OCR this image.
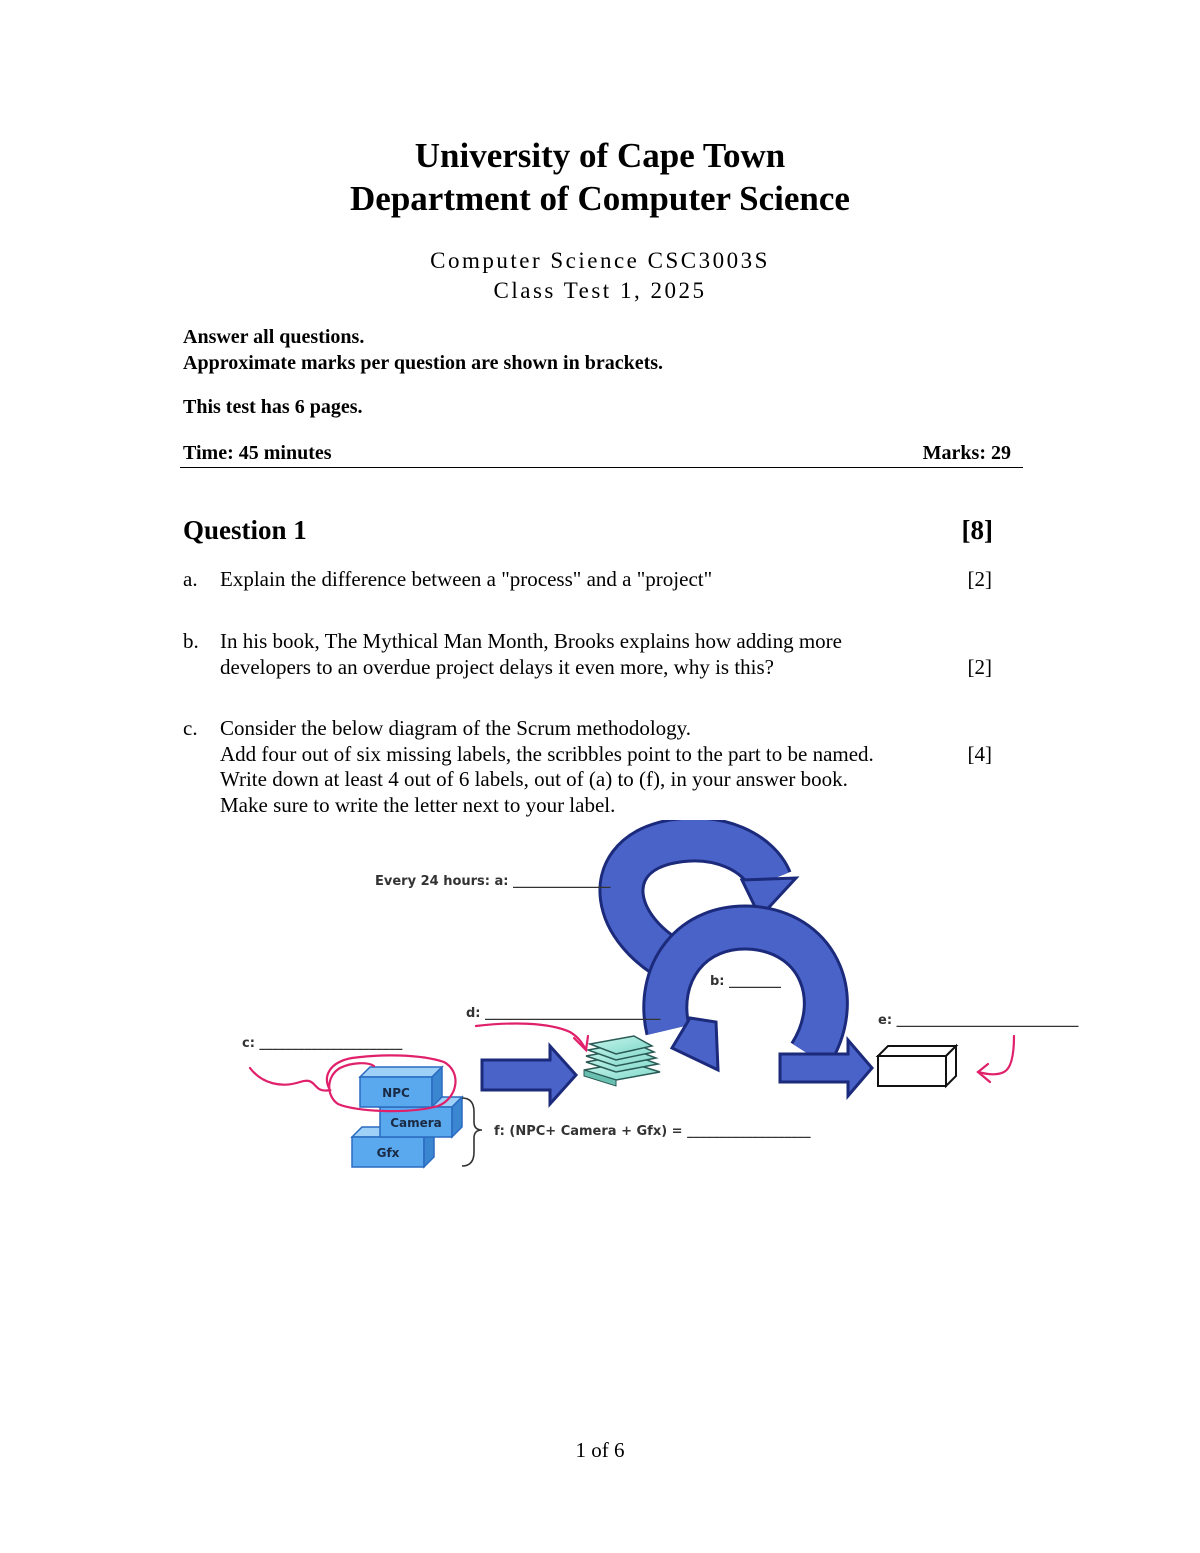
University of Cape Town
Department of Computer Science
Computer Science CSC3003S
Class Test 1, 2025
Answer all questions.
Approximate marks per question are shown in brackets.
This test has 6 pages.
Time: 45 minutes	Marks: 29
Question 1	[8]
a. Explain the difference between a "process" and a "project"	[2]
b. In his book, The Mythical Man Month, Brooks explains how adding more
developers to an overdue project delays it even more, why is this?	[2]
c. Consider the below diagram of the Scrum methodology.
Add four out of six missing labels, the scribbles point to the part to be named.	[4]
Write down at least 4 out of 6 labels, out of (a) to (f), in your answer book.
Make sure to write the letter next to your label.
Gfx
Camera
NPC
Every 24 hours: a: _______________
b: ________
c: ______________________
d: ___________________________	e: ____________________________
f: (NPC+ Camera + Gfx) = ___________________
1 of 6
